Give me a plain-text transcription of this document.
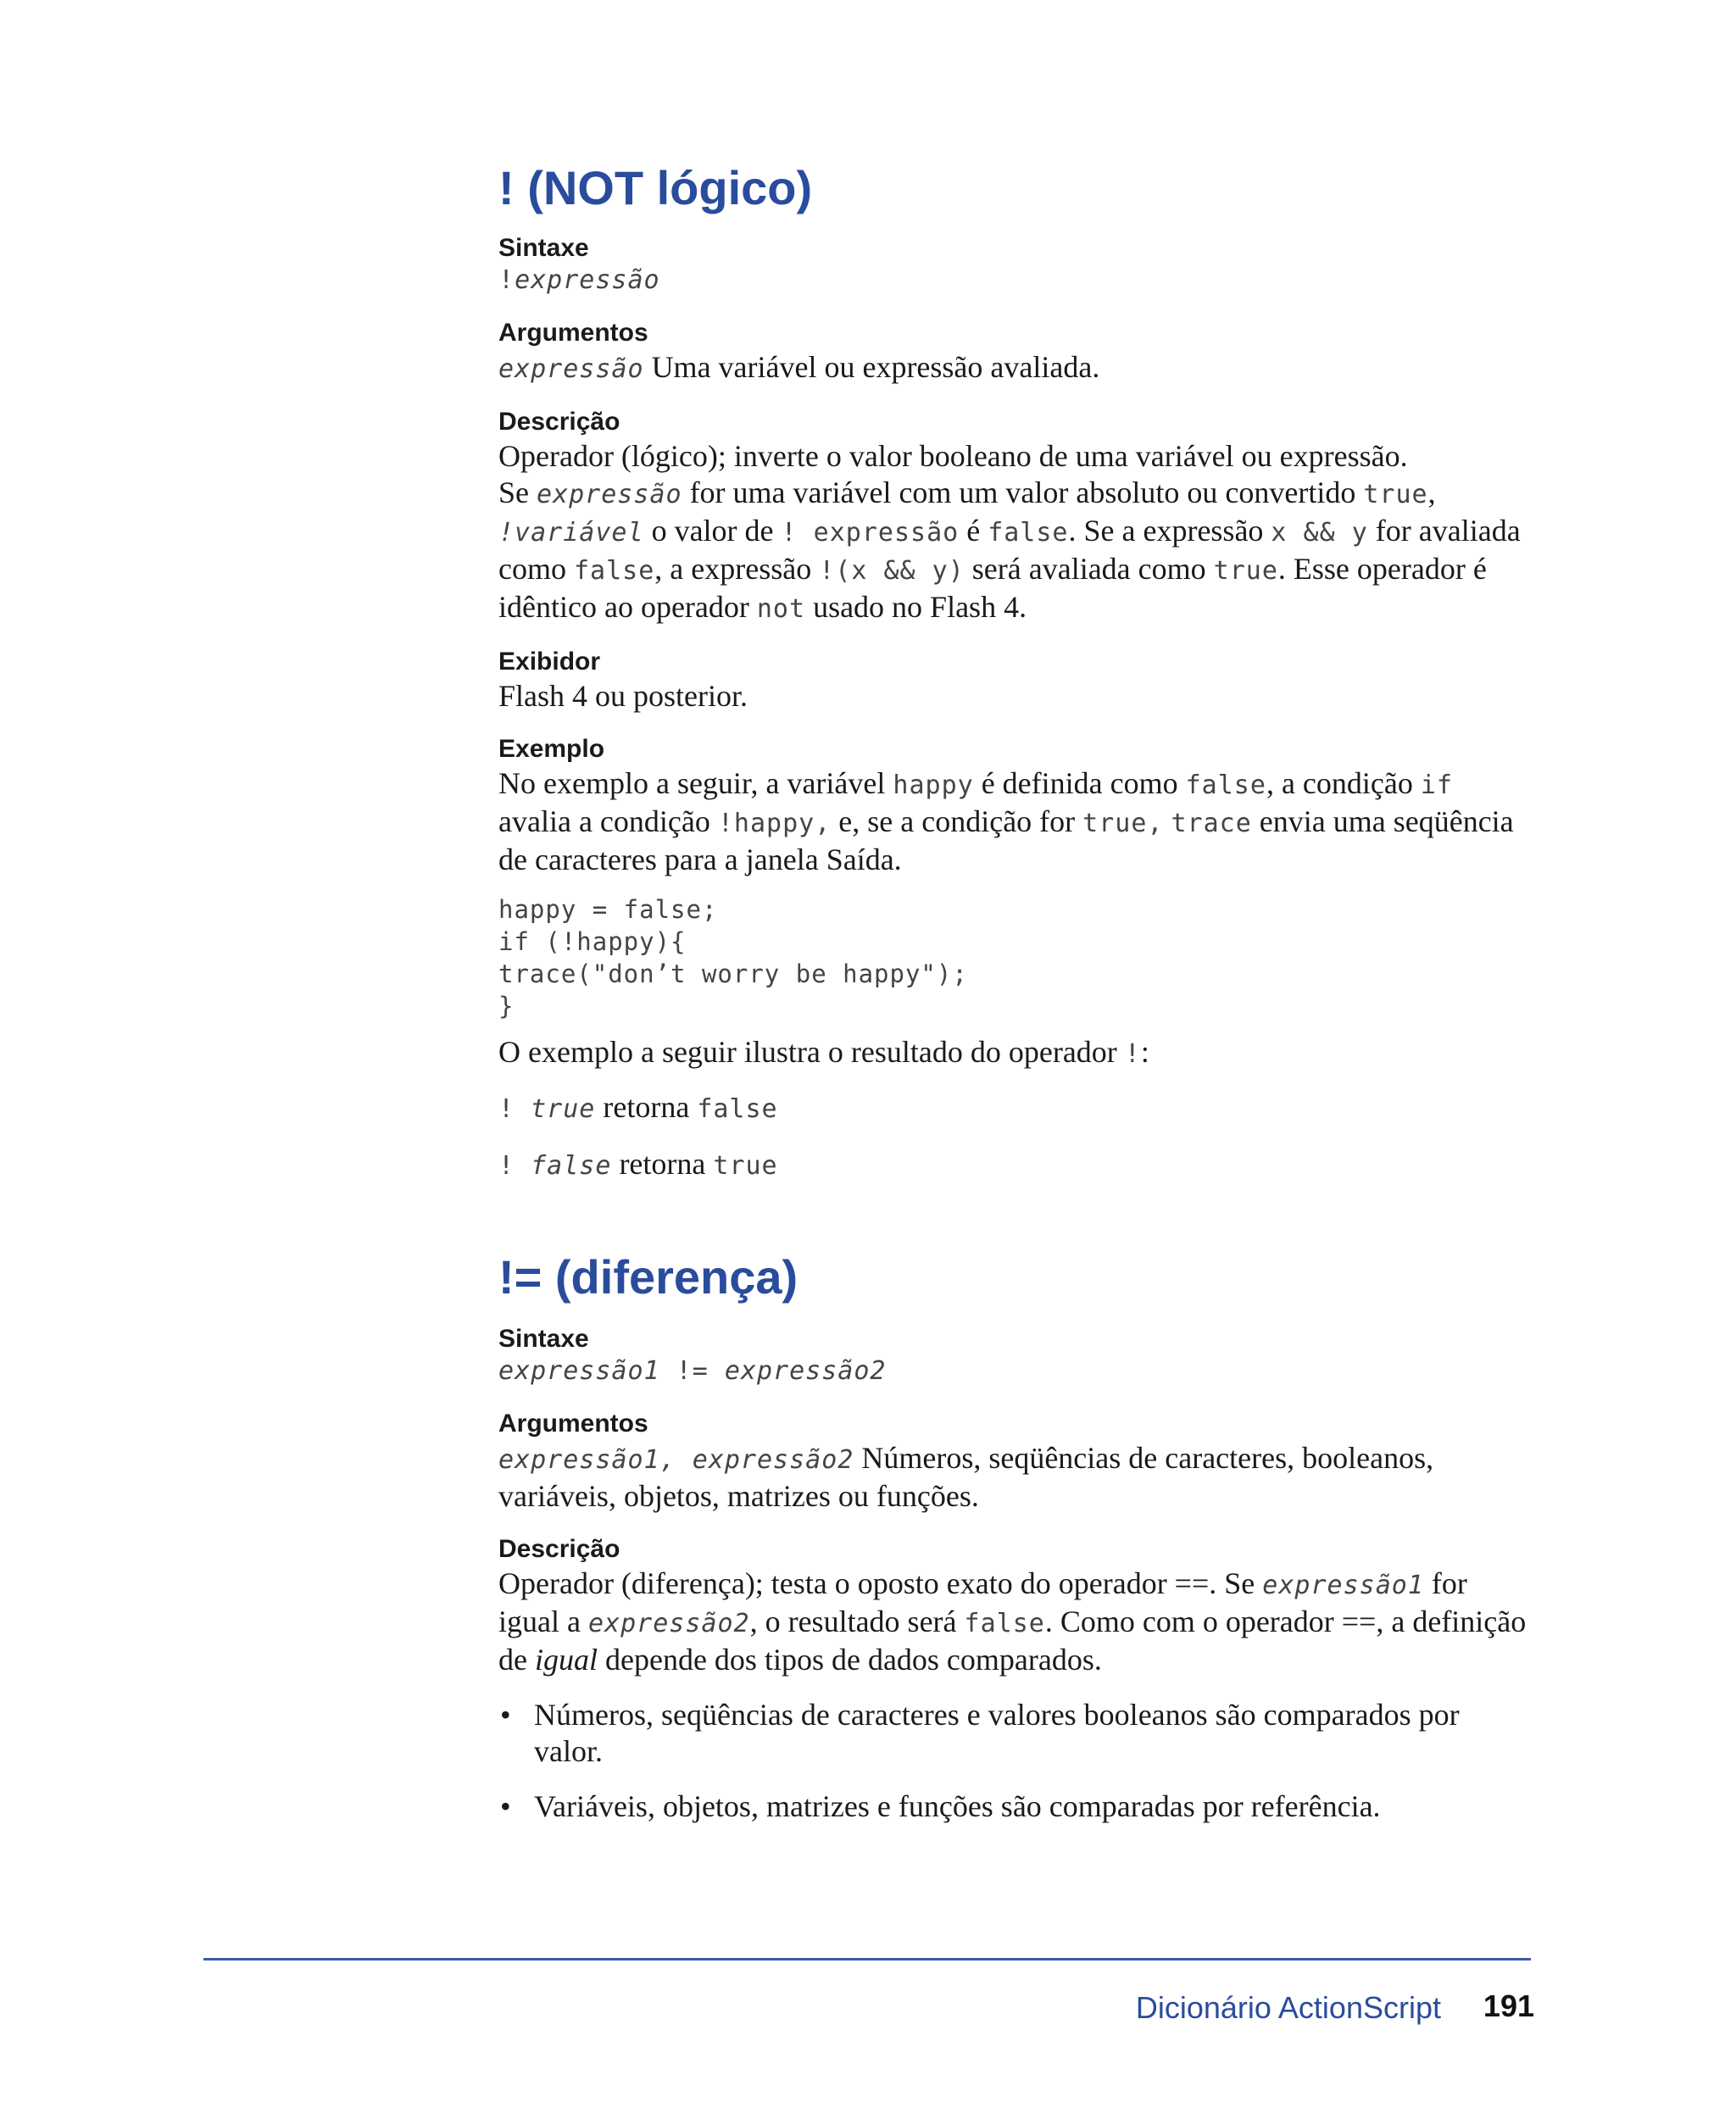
! (NOT lógico)

Sintaxe

!expressão

Argumentos

expressão Uma variável ou expressão avaliada.

Descrição

Operador (lógico); inverte o valor booleano de uma variável ou expressão.

Se expressão for uma variável com um valor absoluto ou convertido true, !variável o valor de ! expressão é false. Se a expressão x && y for avaliada como false, a expressão !(x && y) será avaliada como true. Esse operador é idêntico ao operador not usado no Flash 4.

Exibidor

Flash 4 ou posterior.

Exemplo

No exemplo a seguir, a variável happy é definida como false, a condição if avalia a condição !happy, e, se a condição for true, trace envia uma seqüência de caracteres para a janela Saída.

happy = false;

if (!happy){

trace("don’t worry be happy");

}

O exemplo a seguir ilustra o resultado do operador !:

! true retorna false

! false retorna true

!= (diferença)

Sintaxe

expressão1 != expressão2

Argumentos

expressão1, expressão2 Números, seqüências de caracteres, booleanos, variáveis, objetos, matrizes ou funções.

Descrição

Operador (diferença); testa o oposto exato do operador ==. Se expressão1 for igual a expressão2, o resultado será false. Como com o operador ==, a definição de igual depende dos tipos de dados comparados.

• Números, seqüências de caracteres e valores booleanos são comparados por valor.
• Variáveis, objetos, matrizes e funções são comparadas por referência.
Dicionário ActionScript	191
